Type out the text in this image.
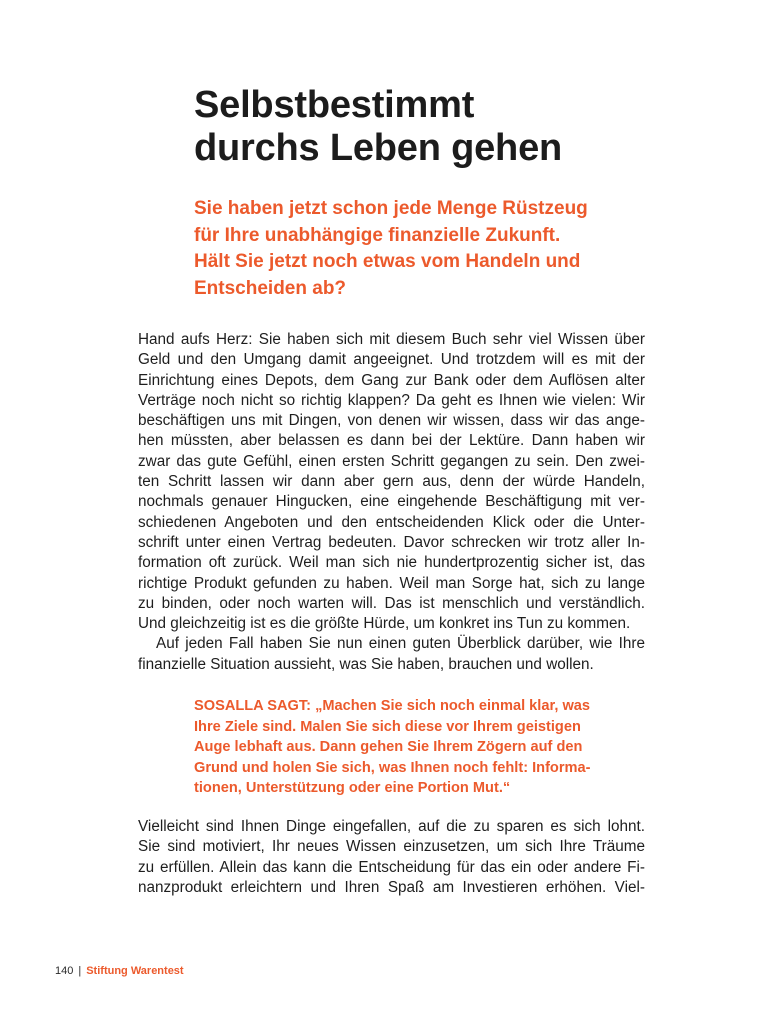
Selbstbestimmt
durchs Leben gehen
Sie haben jetzt schon jede Menge Rüstzeug
für Ihre unabhängige finanzielle Zukunft.
Hält Sie jetzt noch etwas vom Handeln und
Entscheiden ab?
Hand aufs Herz: Sie haben sich mit diesem Buch sehr viel Wissen über
Geld und den Umgang damit angeeignet. Und trotzdem will es mit der
Einrichtung eines Depots, dem Gang zur Bank oder dem Auflösen alter
Verträge noch nicht so richtig klappen? Da geht es Ihnen wie vielen: Wir
beschäftigen uns mit Dingen, von denen wir wissen, dass wir das ange-
hen müssten, aber belassen es dann bei der Lektüre. Dann haben wir
zwar das gute Gefühl, einen ersten Schritt gegangen zu sein. Den zwei-
ten Schritt lassen wir dann aber gern aus, denn der würde Handeln,
nochmals genauer Hingucken, eine eingehende Beschäftigung mit ver-
schiedenen Angeboten und den entscheidenden Klick oder die Unter-
schrift unter einen Vertrag bedeuten. Davor schrecken wir trotz aller In-
formation oft zurück. Weil man sich nie hundertprozentig sicher ist, das
richtige Produkt gefunden zu haben. Weil man Sorge hat, sich zu lange
zu binden, oder noch warten will. Das ist menschlich und verständlich.
Und gleichzeitig ist es die größte Hürde, um konkret ins Tun zu kommen.
Auf jeden Fall haben Sie nun einen guten Überblick darüber, wie Ihre
finanzielle Situation aussieht, was Sie haben, brauchen und wollen.
SOSALLA SAGT: „Machen Sie sich noch einmal klar, was
Ihre Ziele sind. Malen Sie sich diese vor Ihrem geistigen
Auge lebhaft aus. Dann gehen Sie Ihrem Zögern auf den
Grund und holen Sie sich, was Ihnen noch fehlt: Informa-
tionen, Unterstützung oder eine Portion Mut.“
Vielleicht sind Ihnen Dinge eingefallen, auf die zu sparen es sich lohnt.
Sie sind motiviert, Ihr neues Wissen einzusetzen, um sich Ihre Träume
zu erfüllen. Allein das kann die Entscheidung für das ein oder andere Fi-
nanzprodukt erleichtern und Ihren Spaß am Investieren erhöhen. Viel-
140 | Stiftung Warentest
